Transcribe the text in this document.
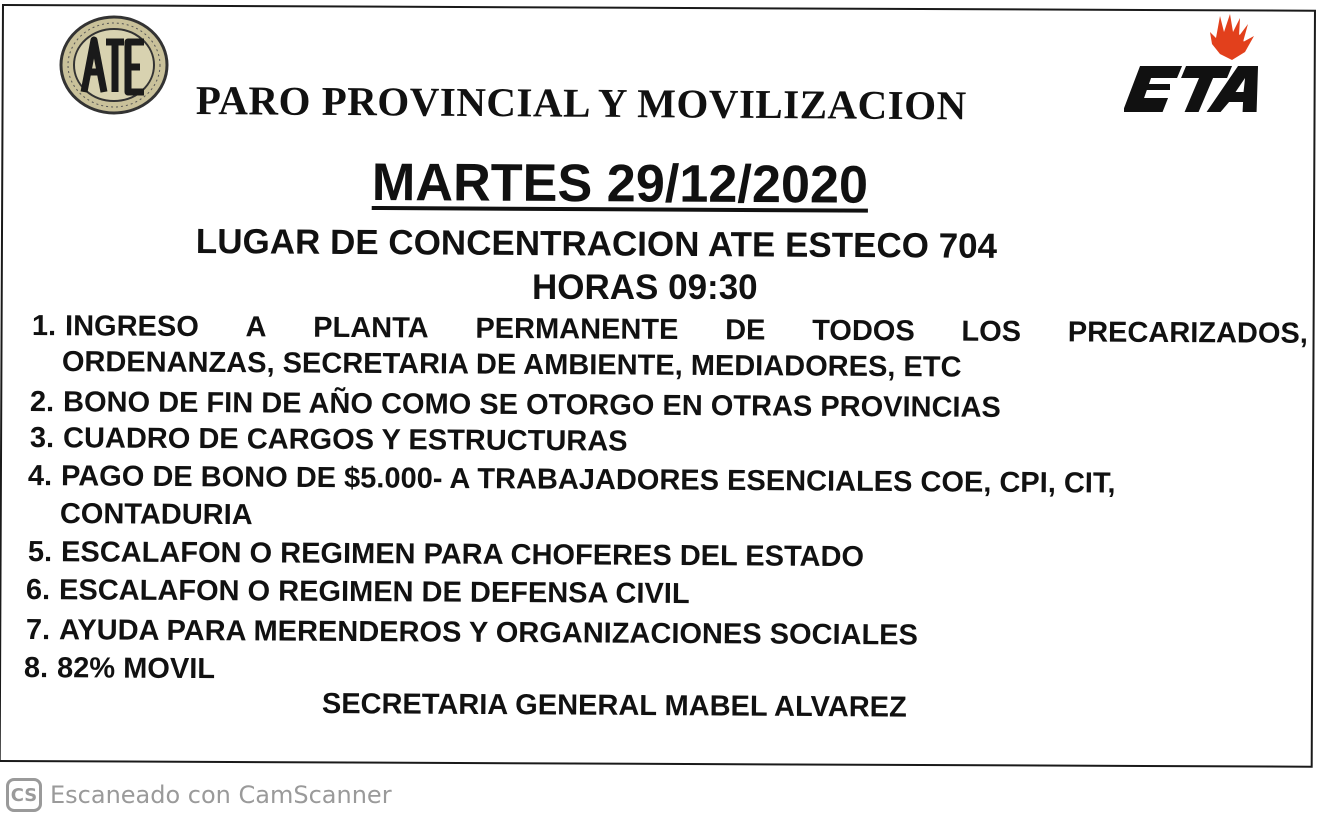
PARO PROVINCIAL Y MOVILIZACION
MARTES 29/12/2020
LUGAR DE CONCENTRACION ATE ESTECO 704
HORAS 09:30
1. INGRESO A PLANTA PERMANENTE DE TODOS LOS PRECARIZADOS,
ORDENANZAS, SECRETARIA DE AMBIENTE, MEDIADORES, ETC
2. BONO DE FIN DE AÑO COMO SE OTORGO EN OTRAS PROVINCIAS
3. CUADRO DE CARGOS Y ESTRUCTURAS
4. PAGO DE BONO DE $5.000- A TRABAJADORES ESENCIALES COE, CPI, CIT,
CONTADURIA
5. ESCALAFON O REGIMEN PARA CHOFERES DEL ESTADO
6. ESCALAFON O REGIMEN DE DEFENSA CIVIL
7. AYUDA PARA MERENDEROS Y ORGANIZACIONES SOCIALES
8. 82% MOVIL
SECRETARIA GENERAL MABEL ALVAREZ
CS Escaneado con CamScanner
